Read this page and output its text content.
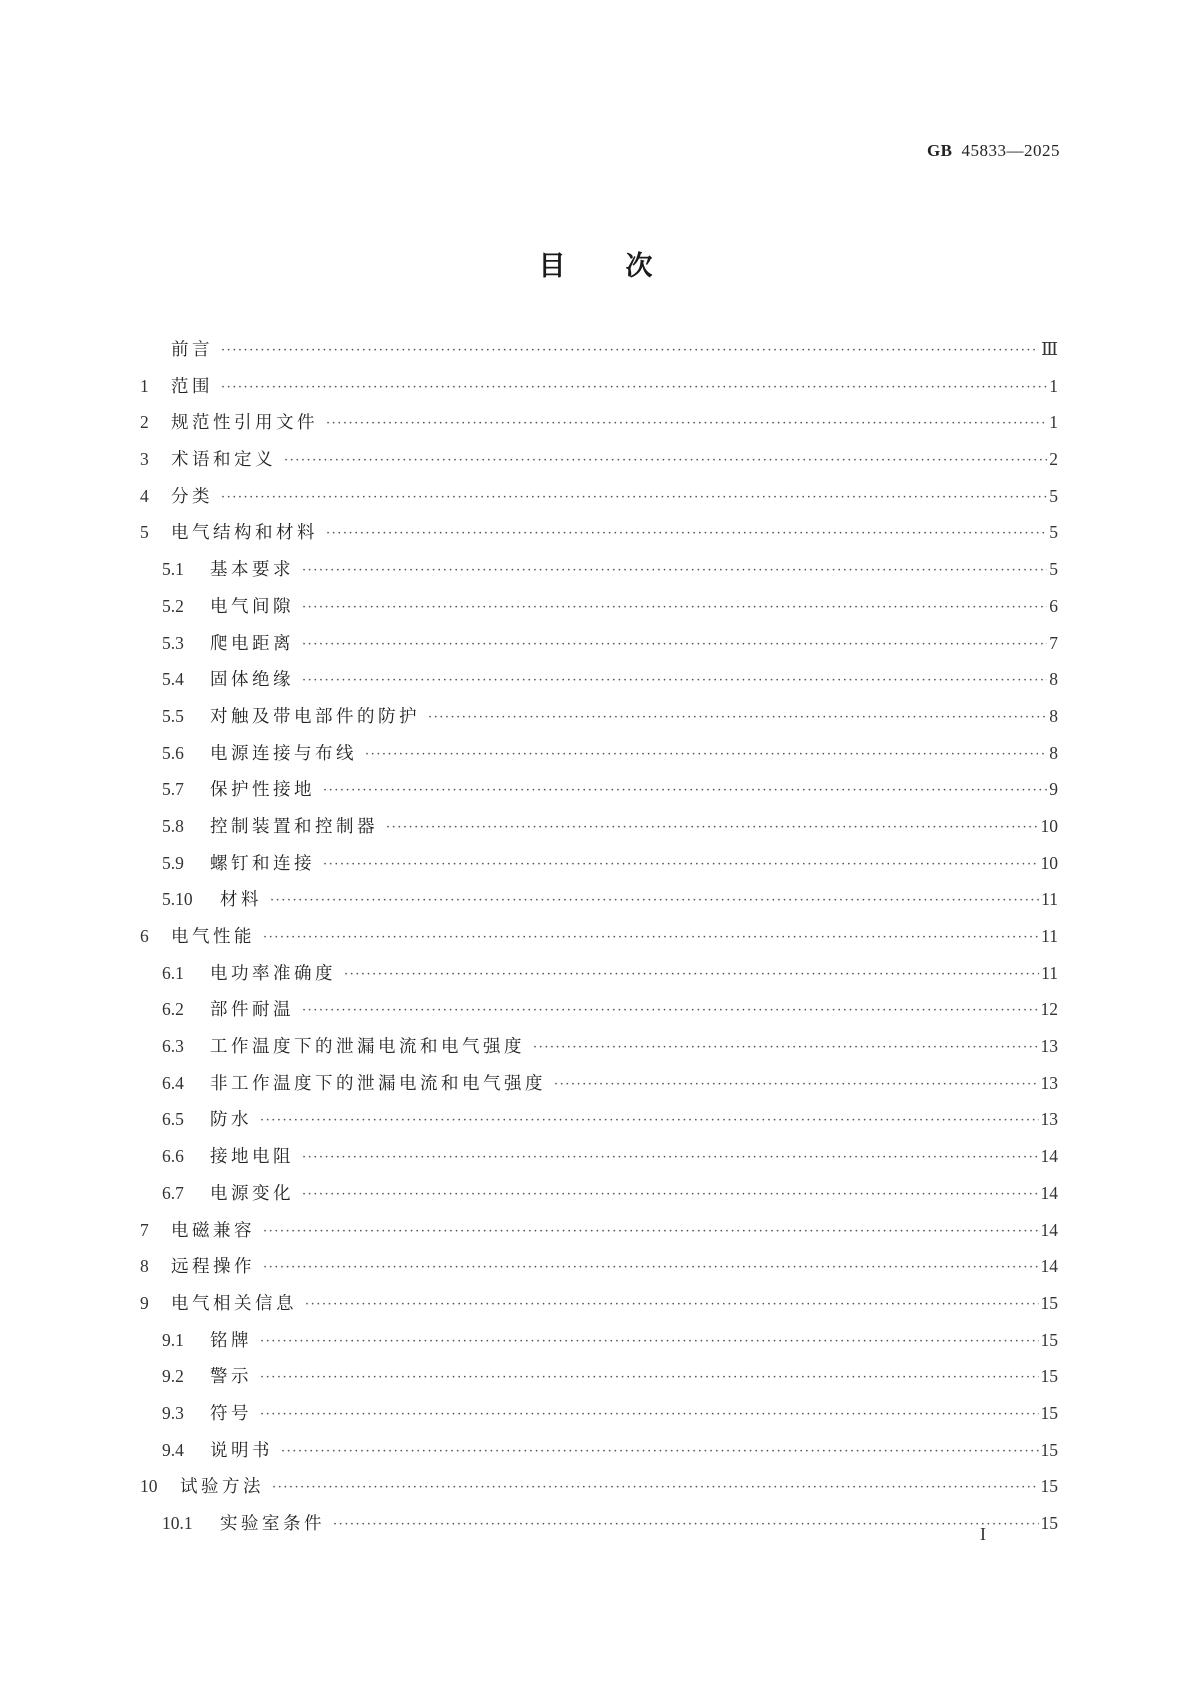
GB 45833—2025
目次
前言 ·····	Ⅲ
1	范围 ·····	1
2	规范性引用文件 ·····	1
3	术语和定义 ·····	2
4	分类 ·····	5
5	电气结构和材料 ·····	5
5.1	基本要求 ·····	5
5.2	电气间隙 ·····	6
5.3	爬电距离 ·····	7
5.4	固体绝缘 ·····	8
5.5	对触及带电部件的防护 ·····	8
5.6	电源连接与布线 ·····	8
5.7	保护性接地 ·····	9
5.8	控制装置和控制器 ·····	10
5.9	螺钉和连接 ·····	10
5.10	材料 ·····	11
6	电气性能 ·····	11
6.1	电功率准确度 ·····	11
6.2	部件耐温 ·····	12
6.3	工作温度下的泄漏电流和电气强度 ·····	13
6.4	非工作温度下的泄漏电流和电气强度 ·····	13
6.5	防水 ·····	13
6.6	接地电阻 ·····	14
6.7	电源变化 ·····	14
7	电磁兼容 ·····	14
8	远程操作 ·····	14
9	电气相关信息 ·····	15
9.1	铭牌 ·····	15
9.2	警示 ·····	15
9.3	符号 ·····	15
9.4	说明书 ·····	15
10	试验方法 ·····	15
10.1	实验室条件 ·····	15
I
